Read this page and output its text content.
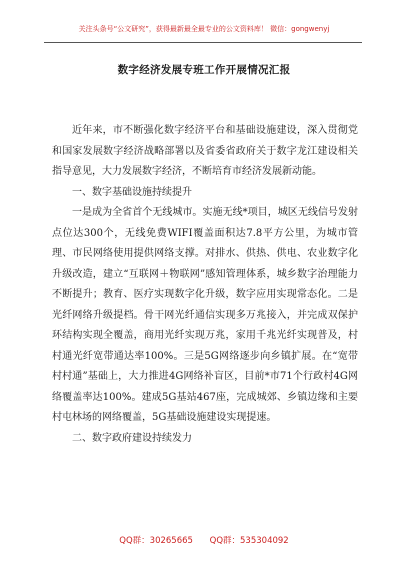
关注头条号“公文研究”，获得最新最全最专业的公文资料库！ 微信：gongwenyj
数字经济发展专班工作开展情况汇报

近年来，市不断强化数字经济平台和基础设施建设，深入贯彻党和国家发展数字经济战略部署以及省委省政府关于数字龙江建设相关指导意见，大力发展数字经济，不断培育市经济发展新动能。

一、数字基础设施持续提升

一是成为全省首个无线城市。实施无线*项目，城区无线信号发射点位达300个，无线免费WIFI覆盖面积达7.8平方公里，为城市管理、市民网络使用提供网络支撑。对排水、供热、供电、农业数字化升级改造，建立“互联网＋物联网”感知管理体系，城乡数字治理能力不断提升；教育、医疗实现数字化升级，数字应用实现常态化。二是光纤网络升级提档。骨干网光纤通信实现多万兆接入，并完成双保护环结构实现全覆盖，商用光纤实现万兆，家用千兆光纤实现普及，村村通光纤宽带通达率100%。三是5G网络逐步向乡镇扩展。在“宽带村村通”基础上，大力推进4G网络补盲区，目前*市71个行政村4G网络覆盖率达100%。建成5G基站467座，完成城郊、乡镇边缘和主要村屯林场的网络覆盖，5G基础设施建设实现提速。

二、数字政府建设持续发力

QQ群：30265665 QQ群：535304092
